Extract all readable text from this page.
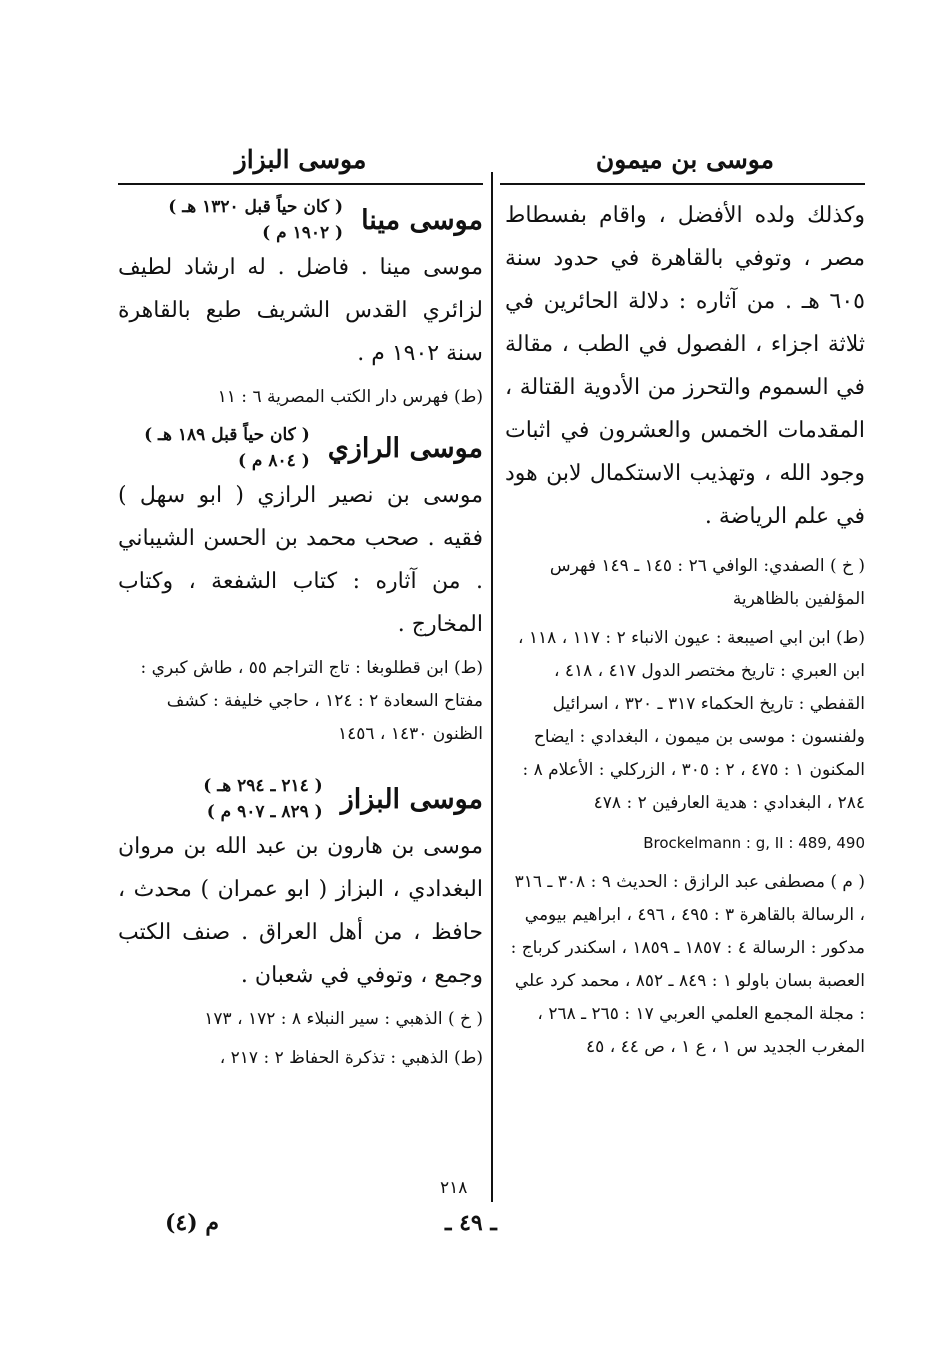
موسى بن ميمون

وكذلك ولده الأفضل ، واقام بفسطاط مصر ، وتوفي بالقاهرة في حدود سنة ٦٠٥ هـ . من آثاره : دلالة الحائرين في ثلاثة اجزاء ، الفصول في الطب ، مقالة في السموم والتحرز من الأدوية القتالة ، المقدمات الخمس والعشرون في اثبات وجود الله ، وتهذيب الاستكمال لابن هود في علم الرياضة .

( خ ) الصفدي: الوافي ٢٦ : ١٤٥ ـ ١٤٩ فهرس المؤلفين بالظاهرية

(ط) ابن ابي اصيبعة : عيون الانباء ٢ : ١١٧ ، ١١٨ ، ابن العبري : تاريخ مختصر الدول ٤١٧ ، ٤١٨ ، القفطي : تاريخ الحكماء ٣١٧ ـ ٣٢٠ ، اسرائيل ولفنسون : موسى بن ميمون ، البغدادي : ايضاح المكنون ١ : ٤٧٥ ، ٢ : ٣٠٥ ، الزركلي : الأعلام ٨ : ٢٨٤ ، البغدادي : هدية العارفين ٢ : ٤٧٨

Brockelmann : g, II : 489, 490

( م ) مصطفى عبد الرازق : الحديث ٩ : ٣٠٨ ـ ٣١٦ ، الرسالة بالقاهرة ٣ : ٤٩٥ ، ٤٩٦ ، ابراهيم بيومي مدكور : الرسالة ٤ : ١٨٥٧ ـ ١٨٥٩ ، اسكندر كرباج : العصبة بسان باولو ١ : ٨٤٩ ـ ٨٥٢ ، محمد كرد علي : مجلة المجمع العلمي العربي ١٧ : ٢٦٥ ـ ٢٦٨ ، المغرب الجديد س ١ ، ع ١ ، ص ٤٤ ، ٤٥

موسى البزاز
موسى مينا
( كان حياً قبل ١٣٢٠ هـ )
( ١٩٠٢ م )

موسى مينا . فاضل . له ارشاد لطيف لزائري القدس الشريف طبع بالقاهرة سنة ١٩٠٢ م .

(ط) فهرس دار الكتب المصرية ٦ : ١١

موسى الرازي
( كان حياً قبل ١٨٩ هـ )
( ٨٠٤ م )

موسى بن نصير الرازي ( ابو سهل ) فقيه . صحب محمد بن الحسن الشيباني . من آثاره : كتاب الشفعة ، وكتاب المخارج .

(ط) ابن قطلوبغا : تاج التراجم ٥٥ ، طاش كبري : مفتاح السعادة ٢ : ١٢٤ ، حاجي خليفة : كشف الظنون ١٤٣٠ ، ١٤٥٦

موسى البزاز
( ٢١٤ ـ ٢٩٤ هـ )
( ٨٢٩ ـ ٩٠٧ م )

موسى بن هارون بن عبد الله بن مروان البغدادي ، البزاز ( ابو عمران ) محدث ، حافظ ، من أهل العراق . صنف الكتب وجمع ، وتوفي في شعبان .

( خ ) الذهبي : سير النبلاء ٨ : ١٧٢ ، ١٧٣

(ط) الذهبي : تذكرة الحفاظ ٢ : ٢١٧ ،

٢١٨
ـ ٤٩ ـ
م (٤)
